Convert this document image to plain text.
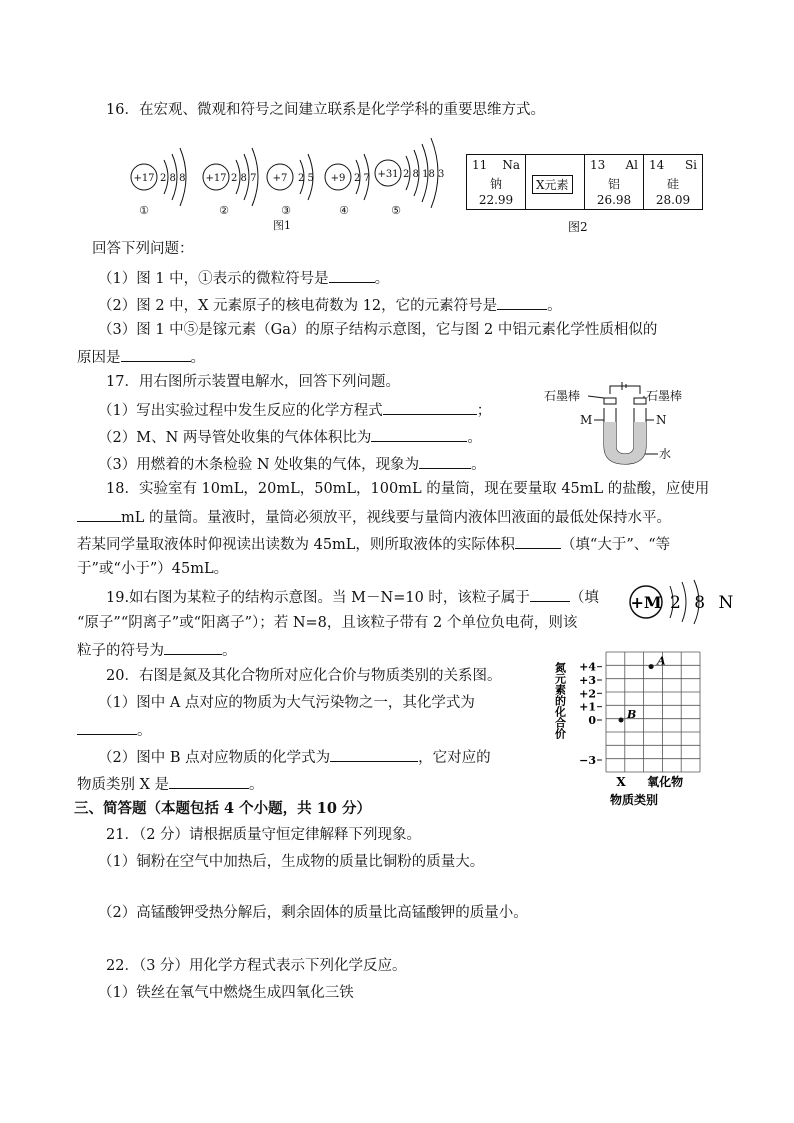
16．在宏观、微观和符号之间建立联系是化学学科的重要思维方式。
+17 2 8 8
①
+17 2 8 7
②
+7 2 5
③
+9 2 7
④
+31 2 8 18 3
⑤
图1
11 Na
钠
22.99

X元素

13 Al
铝
26.98

14 Si
硅
28.09
图2
回答下列问题：
（1）图 1 中，①表示的微粒符号是	。
（2）图 2 中，X 元素原子的核电荷数为 12，它的元素符号是	。
（3）图 1 中⑤是镓元素（Ga）的原子结构示意图，它与图 2 中铝元素化学性质相似的
原因是	。
17．用右图所示装置电解水，回答下列问题。
（1）写出实验过程中发生反应的化学方程式	；
（2）M、N 两导管处收集的气体体积比为	。
（3）用燃着的木条检验 N 处收集的气体，现象为	。
石墨棒	石墨棒
M	N
水
18．实验室有 10mL，20mL，50mL，100mL 的量筒，现在要量取 45mL 的盐酸，应使用
mL 的量筒。量液时，量筒必须放平，视线要与量筒内液体凹液面的最低处保持水平。
若某同学量取液体时仰视读出读数为 45mL，则所取液体的实际体积	（填“大于”、“等
于”或“小于”）45mL。
19.如右图为某粒子的结构示意图。当 M－N=10 时，该粒子属于	（填
“原子”“阴离子”或“阳离子”）；若 N=8，且该粒子带有 2 个单位负电荷，则该
粒子的符号为	。
+M 2 8 N
20．右图是氮及其化合物所对应化合价与物质类别的关系图。
（1）图中 A 点对应的物质为大气污染物之一，其化学式为
。
（2）图中 B 点对应物质的化学式为	，它对应的
物质类别 X 是	。
氮元素的化合价 +4
+3
+2
+1
0
−3
X 氧化物
物质类别
A
B
三、简答题（本题包括 4 个小题，共 10 分）
21．（2 分）请根据质量守恒定律解释下列现象。
（1）铜粉在空气中加热后，生成物的质量比铜粉的质量大。
（2）高锰酸钾受热分解后，剩余固体的质量比高锰酸钾的质量小。
22．（3 分）用化学方程式表示下列化学反应。
（1）铁丝在氧气中燃烧生成四氧化三铁
